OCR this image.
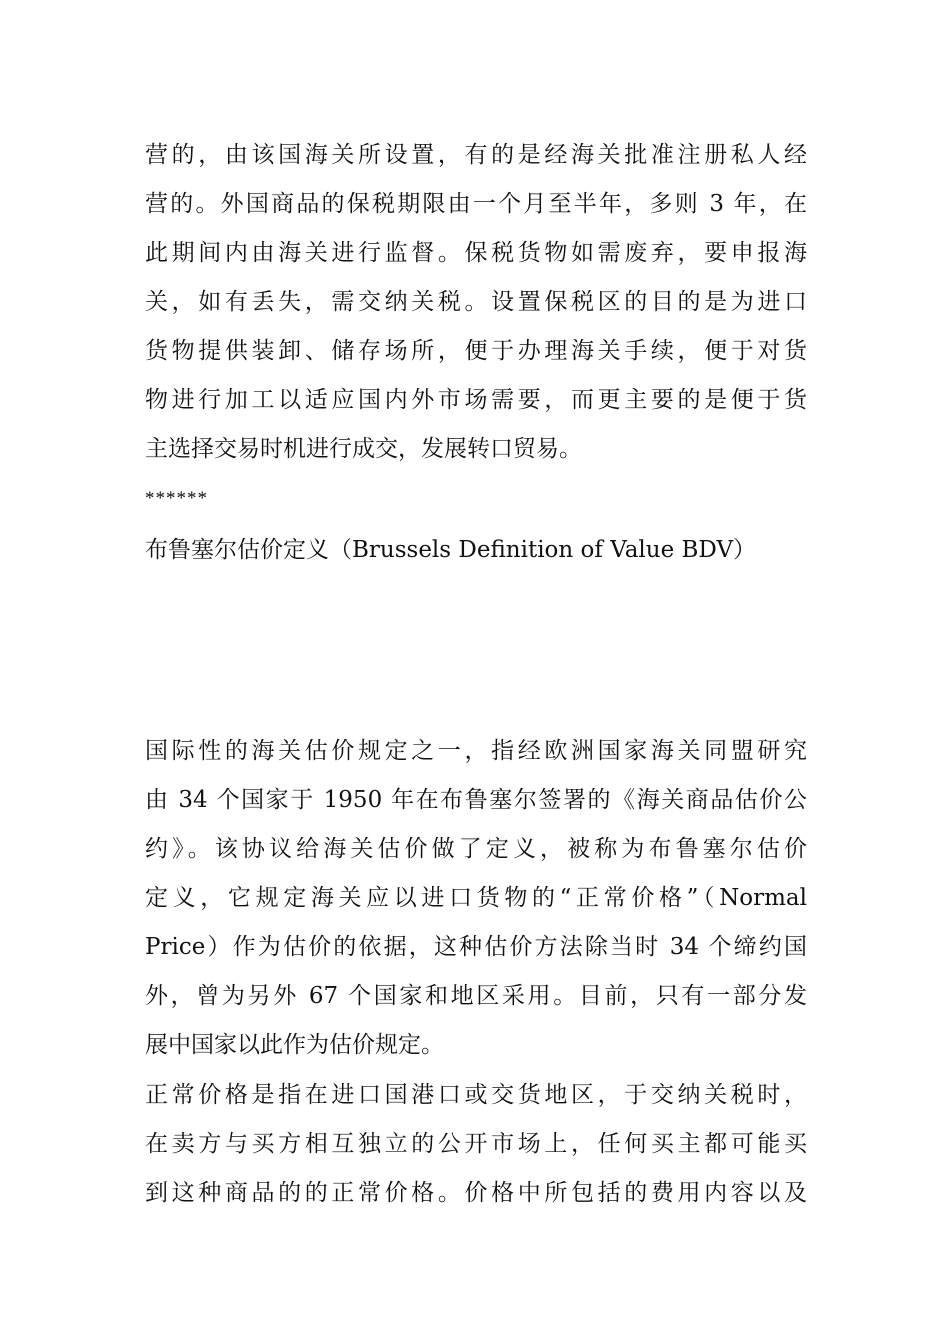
营的，由该国海关所设置，有的是经海关批准注册私人经
营的。外国商品的保税期限由一个月至半年，多则 3 年，在
此期间内由海关进行监督。保税货物如需废弃，要申报海
关，如有丢失，需交纳关税。设置保税区的目的是为进口
货物提供装卸、储存场所，便于办理海关手续，便于对货
物进行加工以适应国内外市场需要，而更主要的是便于货
主选择交易时机进行成交，发展转口贸易。
******
布鲁塞尔估价定义（Brussels Definition of Value BDV）
国际性的海关估价规定之一，指经欧洲国家海关同盟研究
由 34 个国家于 1950 年在布鲁塞尔签署的《海关商品估价公
约》。该协议给海关估价做了定义，被称为布鲁塞尔估价
定义，它规定海关应以进口货物的“正常价格”（Normal
Price）作为估价的依据，这种估价方法除当时 34 个缔约国
外，曾为另外 67 个国家和地区采用。目前，只有一部分发
展中国家以此作为估价规定。
正常价格是指在进口国港口或交货地区，于交纳关税时，
在卖方与买方相互独立的公开市场上，任何买主都可能买
到这种商品的的正常价格。价格中所包括的费用内容以及
